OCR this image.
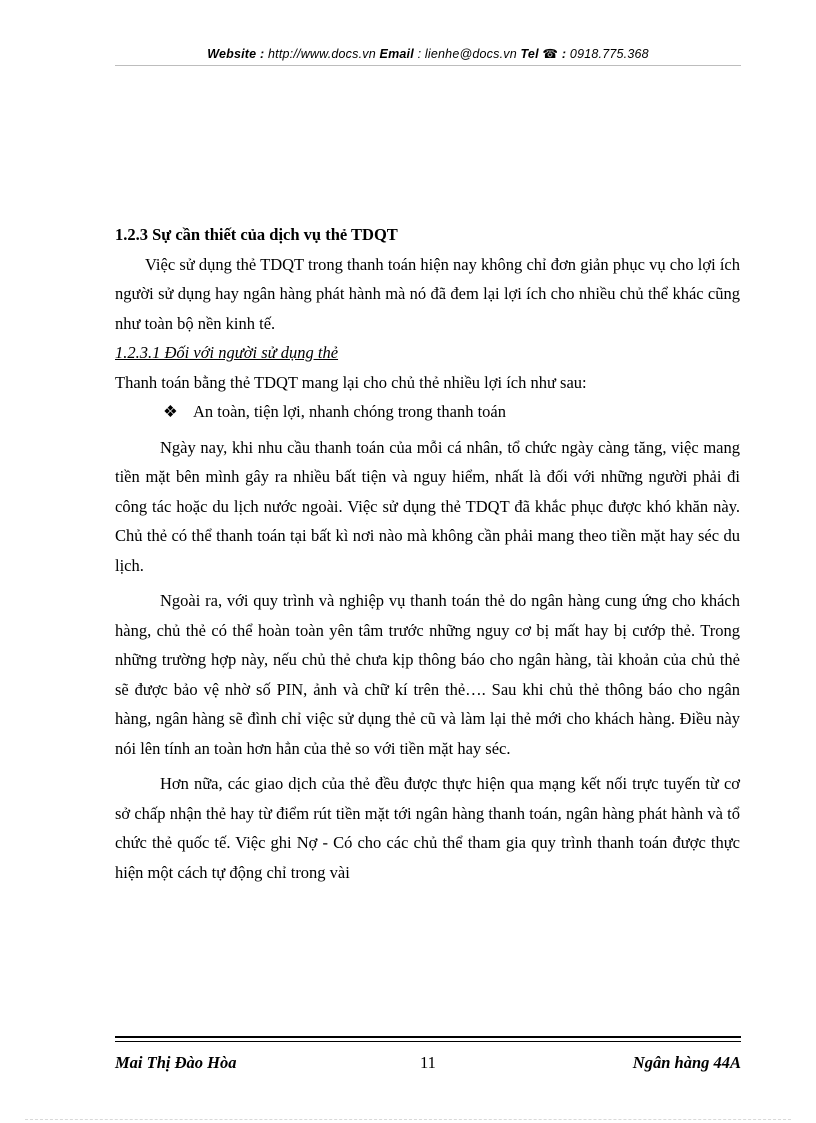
Website : http://www.docs.vn Email : lienhe@docs.vn Tel ☎ : 0918.775.368

1.2.3 Sự cần thiết của dịch vụ thẻ TDQT

Việc sử dụng thẻ TDQT trong thanh toán hiện nay không chỉ đơn giản phục vụ cho lợi ích người sử dụng hay ngân hàng phát hành mà nó đã đem lại lợi ích cho nhiều chủ thể khác cũng như toàn bộ nền kinh tế.

1.2.3.1 Đối với người sử dụng thẻ

Thanh toán bằng thẻ TDQT mang lại cho chủ thẻ nhiều lợi ích như sau:

❖ An toàn, tiện lợi, nhanh chóng trong thanh toán

Ngày nay, khi nhu cầu thanh toán của mỗi cá nhân, tổ chức ngày càng tăng, việc mang tiền mặt bên mình gây ra nhiều bất tiện và nguy hiểm, nhất là đối với những người phải đi công tác hoặc du lịch nước ngoài. Việc sử dụng thẻ TDQT đã khắc phục được khó khăn này. Chủ thẻ có thể thanh toán tại bất kì nơi nào mà không cần phải mang theo tiền mặt hay séc du lịch.

Ngoài ra, với quy trình và nghiệp vụ thanh toán thẻ do ngân hàng cung ứng cho khách hàng, chủ thẻ có thể hoàn toàn yên tâm trước những nguy cơ bị mất hay bị cướp thẻ. Trong những trường hợp này, nếu chủ thẻ chưa kịp thông báo cho ngân hàng, tài khoản của chủ thẻ sẽ được bảo vệ nhờ số PIN, ảnh và chữ kí trên thẻ…. Sau khi chủ thẻ thông báo cho ngân hàng, ngân hàng sẽ đình chỉ việc sử dụng thẻ cũ và làm lại thẻ mới cho khách hàng. Điều này nói lên tính an toàn hơn hẳn của thẻ so với tiền mặt hay séc.

Hơn nữa, các giao dịch của thẻ đều được thực hiện qua mạng kết nối trực tuyến từ cơ sở chấp nhận thẻ hay từ điểm rút tiền mặt tới ngân hàng thanh toán, ngân hàng phát hành và tổ chức thẻ quốc tế. Việc ghi Nợ - Có cho các chủ thể tham gia quy trình thanh toán được thực hiện một cách tự động chỉ trong vài

Mai Thị Đào Hòa	11	Ngân hàng 44A
